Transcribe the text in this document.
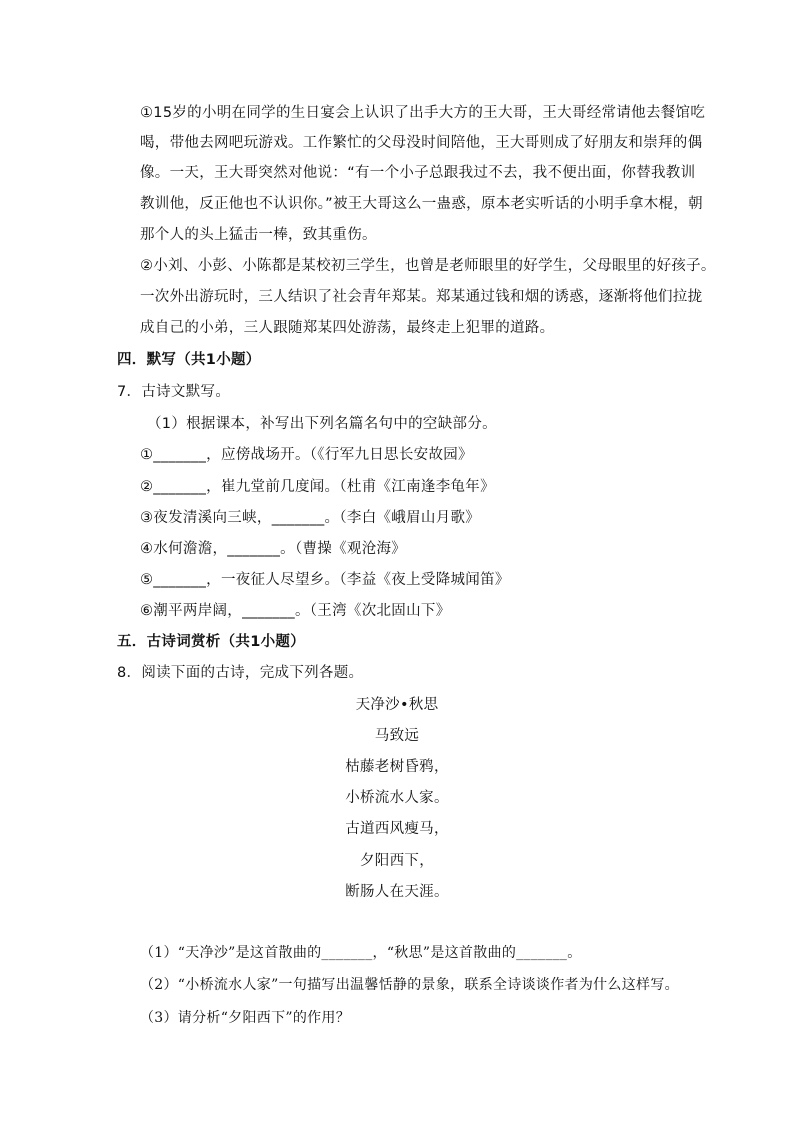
①15岁的小明在同学的生日宴会上认识了出手大方的王大哥，王大哥经常请他去餐馆吃
喝，带他去网吧玩游戏。工作繁忙的父母没时间陪他，王大哥则成了好朋友和崇拜的偶
像。一天，王大哥突然对他说：“有一个小子总跟我过不去，我不便出面，你替我教训
教训他，反正他也不认识你。”被王大哥这么一蛊惑，原本老实听话的小明手拿木棍，朝
那个人的头上猛击一棒，致其重伤。
②小刘、小彭、小陈都是某校初三学生，也曾是老师眼里的好学生，父母眼里的好孩子。
一次外出游玩时，三人结识了社会青年郑某。郑某通过钱和烟的诱惑，逐渐将他们拉拢
成自己的小弟，三人跟随郑某四处游荡，最终走上犯罪的道路。
四．默写（共1小题）
7．古诗文默写。
（1）根据课本，补写出下列名篇名句中的空缺部分。
①_______，应傍战场开。（《行军九日思长安故园》
②_______，崔九堂前几度闻。（杜甫《江南逢李龟年》
③夜发清溪向三峡，_______。（李白《峨眉山月歌》
④水何澹澹，_______。（曹操《观沧海》
⑤_______，一夜征人尽望乡。（李益《夜上受降城闻笛》
⑥潮平两岸阔，_______。（王湾《次北固山下》
五．古诗词赏析（共1小题）
8．阅读下面的古诗，完成下列各题。
天净沙•秋思
马致远
枯藤老树昏鸦，
小桥流水人家。
古道西风瘦马，
夕阳西下，
断肠人在天涯。
（1）“天净沙”是这首散曲的_______，“秋思”是这首散曲的_______。
（2）“小桥流水人家”一句描写出温馨恬静的景象，联系全诗谈谈作者为什么这样写。
（3）请分析“夕阳西下”的作用？
